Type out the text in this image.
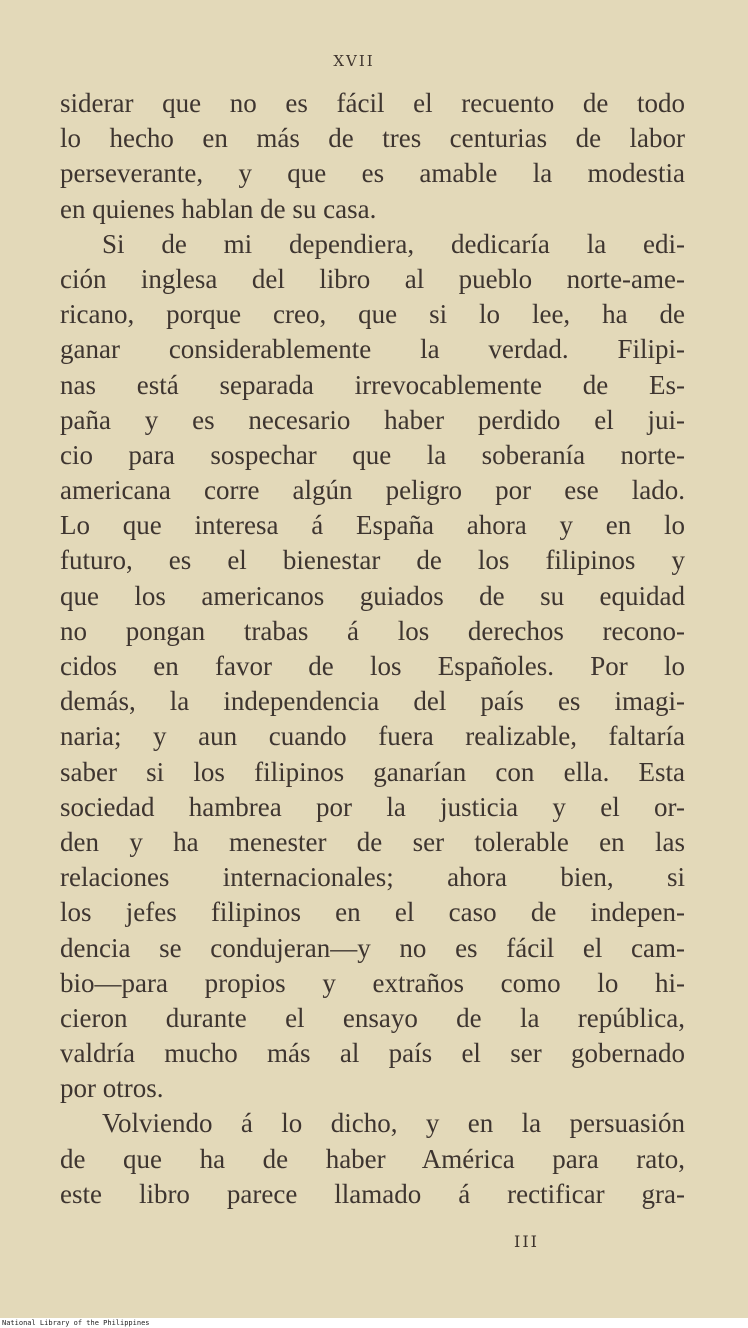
XVII
siderar que no es fácil el recuento de todo
lo hecho en más de tres centurias de labor
perseverante, y que es amable la modestia
en quienes hablan de su casa.
Si de mi dependiera, dedicaría la edi-
ción inglesa del libro al pueblo norte-ame-
ricano, porque creo, que si lo lee, ha de
ganar considerablemente la verdad. Filipi-
nas está separada irrevocablemente de Es-
paña y es necesario haber perdido el jui-
cio para sospechar que la soberanía norte-
americana corre algún peligro por ese lado.
Lo que interesa á España ahora y en lo
futuro, es el bienestar de los filipinos y
que los americanos guiados de su equidad
no pongan trabas á los derechos recono-
cidos en favor de los Españoles. Por lo
demás, la independencia del país es imagi-
naria; y aun cuando fuera realizable, faltaría
saber si los filipinos ganarían con ella. Esta
sociedad hambrea por la justicia y el or-
den y ha menester de ser tolerable en las
relaciones internacionales; ahora bien, si
los jefes filipinos en el caso de indepen-
dencia se condujeran—y no es fácil el cam-
bio—para propios y extraños como lo hi-
cieron durante el ensayo de la república,
valdría mucho más al país el ser gobernado
por otros.
Volviendo á lo dicho, y en la persuasión
de que ha de haber América para rato,
este libro parece llamado á rectificar gra-
III
National Library of the Philippines
